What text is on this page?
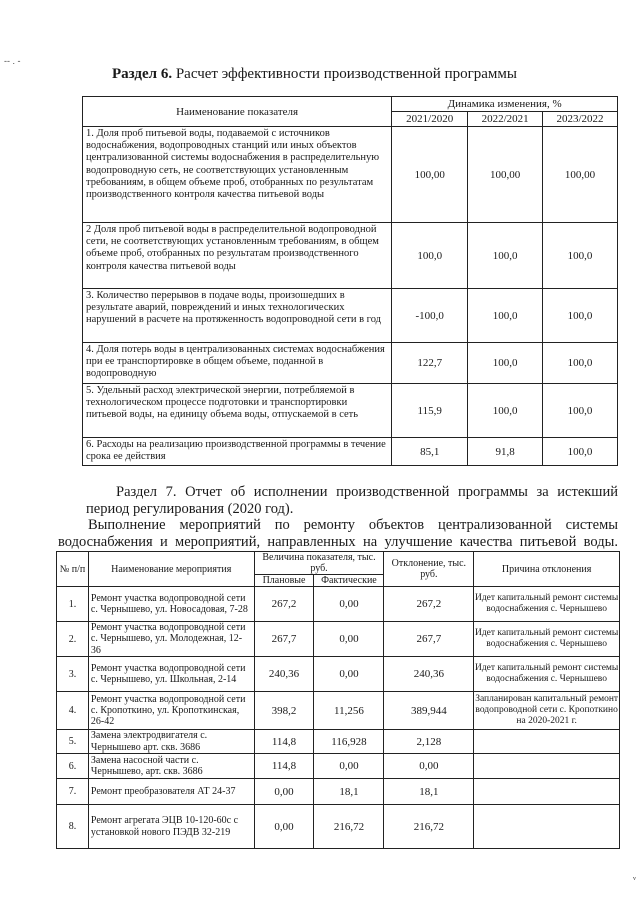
-- . -
Раздел 6. Расчет эффективности производственной программы
Наименование показателя	Динамика изменения, %		
	2021/2020	2022/2021	2023/2022
1. Доля проб питьевой воды, подаваемой с источников водоснабжения, водопроводных станций или иных объектов централизованной системы водоснабжения в распределительную водопроводную сеть, не соответствующих установленным требованиям, в общем объеме проб, отобранных по результатам производственного контроля качества питьевой воды	100,00	100,00	100,00
2 Доля проб питьевой воды в распределительной водопроводной сети, не соответствующих установленным требованиям, в общем объеме проб, отобранных по результатам производственного контроля качества питьевой воды	100,0	100,0	100,0
3. Количество перерывов в подаче воды, произошедших в результате аварий, повреждений и иных технологических нарушений в расчете на протяженность водопроводной сети в год	-100,0	100,0	100,0
4. Доля потерь воды в централизованных системах водоснабжения при ее транспортировке в общем объеме, поданной в водопроводную	122,7	100,0	100,0
5. Удельный расход электрической энергии, потребляемой в технологическом процессе подготовки и транспортировки питьевой воды, на единицу объема воды, отпускаемой в сеть	115,9	100,0	100,0
6. Расходы на реализацию производственной программы в течение срока ее действия	85,1	91,8	100,0
Раздел 7. Отчет об исполнении производственной программы за истекший
период регулирования (2020 год).
Выполнение мероприятий по ремонту объектов централизованной системы
водоснабжения и мероприятий, направленных на улучшение качества питьевой воды.
№ п/п	Наименование мероприятия	Величина показателя, тыс. руб.		Отклонение, тыс. руб.	Причина отклонения
		Плановые	Фактические		
1.	Ремонт участка водопроводной сети с. Чернышево, ул. Новосадовая, 7-28	267,2	0,00	267,2	Идет капитальный ремонт системы водоснабжения с. Чернышево
2.	Ремонт участка водопроводной сети с. Чернышево, ул. Молодежная, 12-36	267,7	0,00	267,7	Идет капитальный ремонт системы водоснабжения с. Чернышево
3.	Ремонт участка водопроводной сети с. Чернышево, ул. Школьная, 2-14	240,36	0,00	240,36	Идет капитальный ремонт системы водоснабжения с. Чернышево
4.	Ремонт участка водопроводной сети с. Кропоткино, ул. Кропоткинская, 26-42	398,2	11,256	389,944	Запланирован капитальный ремонт водопроводной сети с. Кропоткино на 2020-2021 г.
5.	Замена электродвигателя с. Чернышево арт. скв. 3686	114,8	116,928	2,128	
6.	Замена насосной части с. Чернышево, арт. скв. 3686	114,8	0,00	0,00	
7.	Ремонт преобразователя АТ 24-37	0,00	18,1	18,1	
8.	Ремонт агрегата ЭЦВ 10-120-60с с установкой нового ПЭДВ 32-219	0,00	216,72	216,72	
ᵥ
